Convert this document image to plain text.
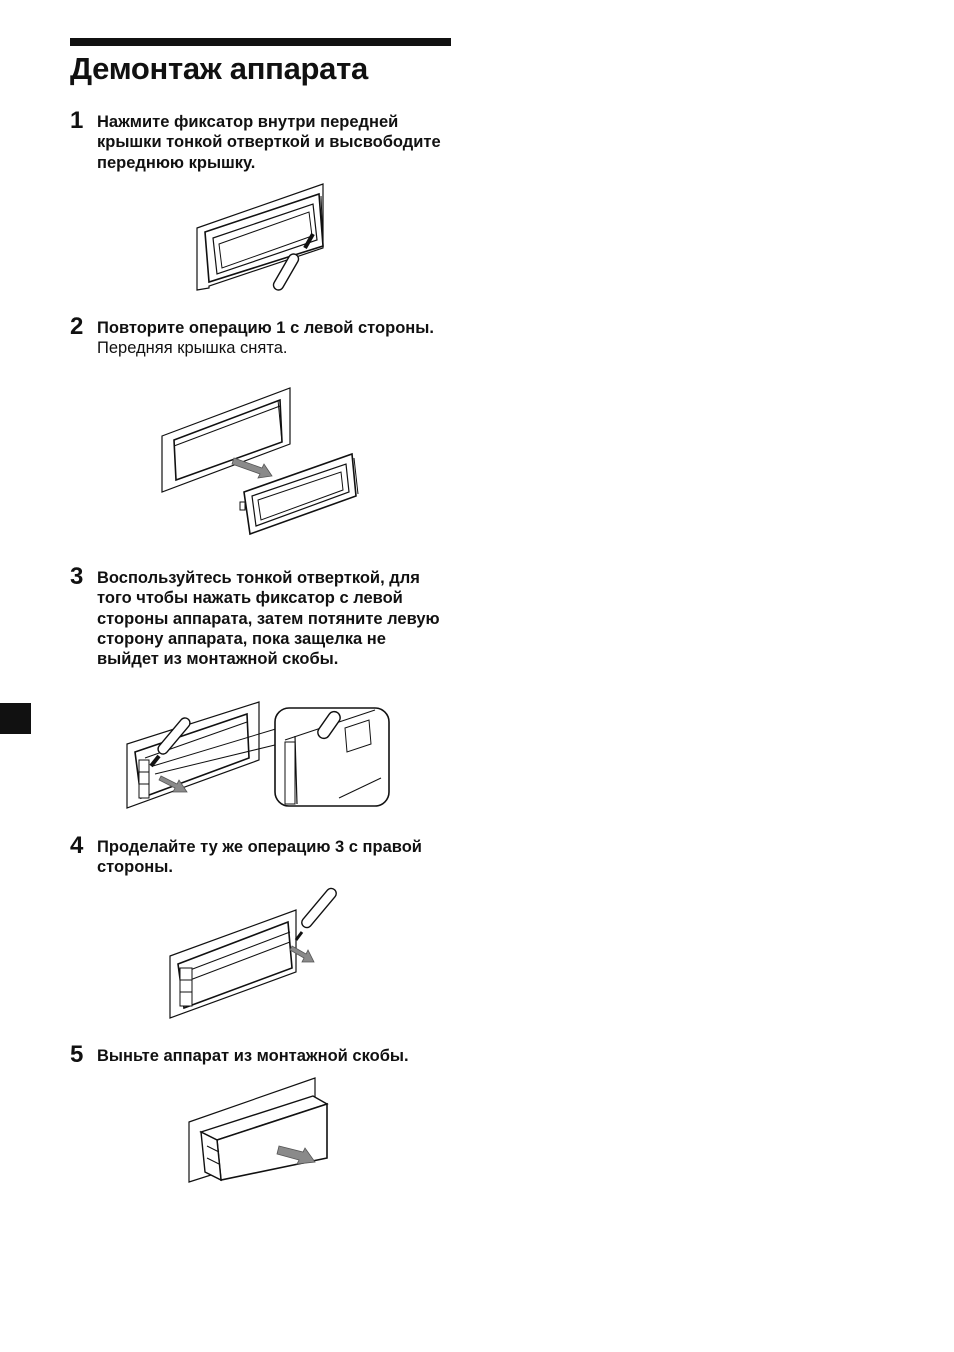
Демонтаж аппарата
1 Нажмите фиксатор внутри передней крышки тонкой отверткой и высвободите переднюю крышку.
2 Повторите операцию 1 с левой стороны.
Передняя крышка снята.
3 Воспользуйтесь тонкой отверткой, для того чтобы нажать фиксатор с левой стороны аппарата, затем потяните левую сторону аппарата, пока защелка не выйдет из монтажной скобы.
4 Проделайте ту же операцию 3 с правой стороны.
5 Выньте аппарат из монтажной скобы.
